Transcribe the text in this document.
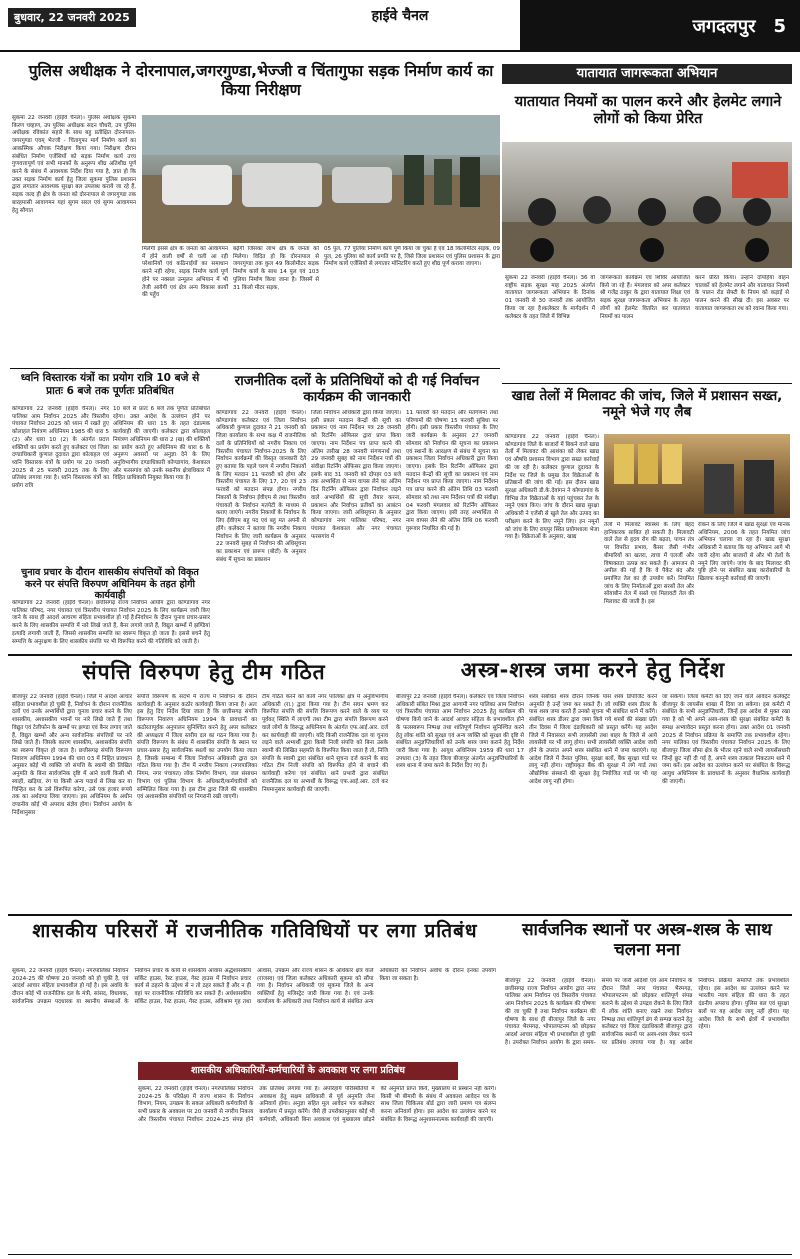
बुधवार, 22 जनवरी 2025	हाईवे चैनल	जगदलपुर 5
पुलिस अधीक्षक ने दोरनापाल,जगरगुण्डा,भेज्जी व चिंतागुफा सड़क निर्माण कार्य का किया निरीक्षण
सुकमा 22 जनवरी (हाईवे चैनल)। पुलिस अधीक्षक सुकमा किरण चव्हाण, उप पुलिस अधीक्षक सदन चौधरी, उप पुलिस अधीक्षक रविकांत सहारे के साथ बहु प्रतीक्षित दोरनापाल-जगरगुण्डा एवम् भेज्जी - चिंतागुफा मार्ग निर्माण कार्य का आकस्मिक औचक निरीक्षण किया गया। निरीक्षण दौरान संबंधित निर्माण एजेंसियों को सड़क निर्माण कार्य उच्च गुणवत्तापूर्ण एवं सभी मानकों के अनुरूप शीघ्र अतिशीघ्र पूर्ण करने के संबंध में आवश्यक निर्देश दिया गया है, ज्ञात हो कि उक्त सड़क निर्माण कार्य हेतु जिला सुकमा पुलिस प्रशासन द्वारा लगातार आवश्यक सुरक्षा बल उपलब्ध कराये जा रहे हैं, सड़क जल्द ही क्षेत्र के जनता को दोरनापाल से जगरगुण्डा तक बारहमासी आवागमन यहां सुगम सरल एवं सुगम आवागमन हेतु सौगात
मिलेगी इससे क्षेत्र के जनता को आवागमन में होने वाली वर्षों से चली आ रही परेशानियों एवं कठिनाईयों का समाधान करने नहीं रहेगा, सड़क निर्माण कार्य पूर्ण होने पर नक्सल उन्मूलन अभियान में भी तेजी आयेगी एवं क्षेत्र अन्य विकास कार्यों की पहुँच
बढ़ेगी जिसका लाभ क्षेत्र के जनता को मिलेगा। विदित हो कि दोरनापाल से जगरगुण्डा तक कुल 49 किलोमीटर सड़क निर्माण कार्य के साथ 14 पुल एवं 103 पुलिया निर्माण किया जाना है। जिसमें से 31 किलो मीटर सड़क,
05 पुल, 77 पुलिया निर्माण कार्य पूर्ण किया जा चुका है एवं 18 किलोमीटर सड़क, 09 पुल, 26 पुलिया को कार्य प्रगति पर है, जिसे जिला प्रशासन एवं पुलिस प्रशासन के द्वारा निर्माण कार्य एजेंसियों से लगातार मॉनिटरिंग करते हुए शीघ्र पूर्ण कराया जाएगा।
यातायात जागरूकता अभियान
यातायात नियमों का पालन करने और हेलमेट लगाने लोगों को किया प्रेरित
सुकमा 22 जनवरी (हाईवे चैनल)। 36 वाँ राष्ट्रीय सड़क सुरक्षा माह 2025 अंतर्गत यातायात जागरूकता अभियान के दिनांक 01 जनवरी से 30 जनवरी तक आयोजित किया जा रहा है।कलेक्टर के मार्गदर्शन में कलेक्टर के तहत जिले में विभिन्न
जागरूकता कार्यक्रम एवं शिविर आयोजित किये जा रहे हैं। मंगलवार को अपर कलेक्टर श्री गजेंद्र ठाकुर के द्वारा यातायात शिक्षा एवं सड़क सुरक्षा जागरूकता अभियान के तहत लोगों को हेलमेट वितरित कर यातायात नियमों का पालन
करने प्रेरित किया। उन्होंने दोपहिया वाहन चालकों को हेलमेट लगाने और यातायात नियमों के पालन रोड सेफ्टी के नियम को कड़ाई से पालन करने की सीख दी। इस अवसर पर यातायात जागरूकता रथ को रवाना किया गया।
ध्वनि विस्तारक यंत्रों का प्रयोग रात्रि 10 बजे से प्रातः 6 बजे तक पूर्णतः प्रतिबंधित
कोण्डागांव 22 जनवरी (हाईवे चैनल)। नगर पालिका आम निर्वाचन 2025 और त्रिस्तरीय पंचायत निर्वाचन 2025 को ध्यान में रखते हुए कोलाहल नियंत्रण अधिनियम 1985 की धारा 5 (2) और धारा 10 (2) के अंतर्गत प्रदत्त शक्तियों का प्रयोग करते हुए कलेक्टर एवं जिला दण्डाधिकारी कुणाल दुदावत द्वारा कोलाहल एवं ध्वनि विस्तारक यंत्रों के प्रयोग पर 20 जनवरी 2025 से 25 फरवरी 2025 तक के लिए प्रतिबंध लगाया गया है। ध्वनि विस्तारक यंत्रों का प्रयोग रात्रि
10 बजे से प्रातः 6 बजे तक पूर्णतः प्रतिबंधित रहेगा। उक्त आदेश के उल्लंघन होने पर अधिनियम की धारा 15 के तहत दंडात्मक कार्यवाही की जाएगी। कलेक्टर द्वारा कोलाहल नियंत्रण अधिनियम की धारा 2 (ख) की शक्तियों का प्रयोग करते हुए अधिनियम की धारा 6 के अनुरूप अवसरों पर अनुज्ञा देने के लिए अनुविभागीय दण्डाधिकारी कोण्डागांव, केशकाल और फरसगांव को उनके स्थानीय क्षेत्राधिकार में विहित प्राधिकारी नियुक्त किया गया है।
चुनाव प्रचार के दौरान शासकीय संपत्तियों को विकृत करने पर संपत्ति विरुपण अधिनियम के तहत होगी कार्यवाही
कोण्डागांव 22 जनवरी (हाईवे चैनल)। छत्तीसगढ़ राज्य निर्वाचन आयोग द्वारा कोण्डागांव नगर पालिका परिषद, नगर पंचायत एवं त्रिस्तरीय पंचायत निर्वाचन 2025 के लिए कार्यक्रम जारी किए जाने के साथ ही आदर्श आचरण संहिता प्रभावशील हो गई है।निर्वाचन के दौरान चुनाव प्रचार-प्रसार करने के लिए शासकीय सम्पत्ति में नारे लिखे जाते हैं, बैनर लगाये जाते हैं, विद्युत खम्भों में झण्डियां इत्यादि लगायी जाती हैं, जिससे शासकीय सम्पत्ति का स्वरूप विकृत हो जाता है। इससे बचने हेतु सम्पत्ति के अनुरक्षण के लिए शासकीय संपत्ति पर भी विरूपित करने की गतिविधि को जाती है।
राजनीतिक दलों के प्रतिनिधियों को दी गई निर्वाचन कार्यक्रम की जानकारी
कोण्डागांव 22 जनवरी (हाईवे चैनल)। कोण्डागांव कलेक्टर एवं जिला निर्वाचन अधिकारी कुणाल दुदावत ने 21 जनवरी को जिला कार्यालय के सभा कक्ष में राजनीतिक दलों के प्रतिनिधियों को नगरीय निकाय एवं त्रिस्तरीय पंचायत निर्वाचन-2025 के लिए निर्वाचन कार्यक्रमों की विस्तृत जानकारी देते हुए बताया कि पहले चरण में नगरीय निकायों के लिए मतदान 11 फरवरी को होगा और त्रिस्तरीय पंचायत के लिए 17, 20 एवं 23 फरवरी को मतदान संपन्न होगा। नगरीय निकायों के निर्वाचन ईवीएम से तथा त्रिस्तरीय पंचायतों के निर्वाचन मतपेटी के माध्यम से कराए जाएंगे। नगरीय निकायों के निर्वाचन के लिए ईवीएम बहु पद एवं बहु मत अपनी से होंगे। कलेक्टर ने बताया कि नगरीय निकाय निर्वाचन के लिए जारी कार्यक्रम के अनुसार 22 जनवरी सुबह से निर्वाचन की अधिसूचना का प्रकाशन एवं प्रारूप (बोटों) के अनुसार संबंध में सूचना का प्रकाशन
जिला निर्वाचन अधिकारी द्वारा किया जाएगा। इसी प्रकार मतदान केन्द्रों की सूची का प्रकाशन एवं नाम निर्देशन पत्र 28 जनवरी को रिटर्निंग ऑफिसर द्वारा प्राप्त किया जाएगा। नाम निर्देशन पत्र प्राप्त करने की अंतिम तारीख 28 जनवरी संगणनार्थ तथा 29 जनवरी सुबह को नाम निर्देशन पत्रों की संवीक्षा रिटर्निंग ऑफिसर द्वारा किया जाएगा। इसके बाद 31 जनवरी को दोपहर 03 बजे तक अभ्यर्थिता से नाम वापस लेने का अंतिम दिन रिटर्निंग ऑफिसर द्वारा निर्वाचन लड़ने वाले अभ्यर्थियों की सूची तैयार करना, प्रकाशन और निर्वाचन प्रतीकों का आबंटन किया जाएगा। जारी अधिसूचना के अनुसार कोण्डागांव नगर पालिका परिषद, नगर पंचायत केशकाल और नगर पंचायत फरसगांव में
11 फरवरी को मतदान और मतगणना तथा परिणामों की घोषणा 15 फरवरी सुबिधा पर होगी। इसी प्रकार त्रिस्तरीय पंचायत के लिए जारी कार्यक्रम के अनुसार 27 जनवरी सोमवार को निर्वाचन की सूचना का प्रकाशन एवं स्थानों के आरक्षण से संबंध में सूचना का प्रकाशन जिला निर्वाचन अधिकारी द्वारा किया जाएगा। इसके दिन रिटर्निंग ऑफिसर द्वारा मतदान केन्द्रों की सूची का प्रकाशन एवं नाम निर्देशन पत्र प्राप्त किया जाएगा। नाम निर्देशन पत्र प्राप्त करने की अंतिम तिथि 03 फरवरी सोमवार को तथा नाम निर्देशन पत्रों की संवीक्षा 04 फरवरी मंगलवार को रिटर्निंग ऑफिसर द्वारा किया जाएगा। इसी तरह अभ्यर्थिता से नाम वापस लेने की अंतिम तिथि 06 फरवरी गुरूवार निर्धारित की गई है।
खाद्य तेलों में मिलावट की जांच, जिले में प्रशासन सख्त, नमूने भेजे गए लैब
कोण्डागांव 22 जनवरी (हाईवे चैनल)। कोण्डागांव जिले के बाजारों में बिकने वाले खाद्य तेलों में मिलावट की आशंका को लेकर खाद्य एवं औषधि प्रशासन विभाग द्वारा सख्त कार्रवाई की जा रही है। कलेक्टर कुणाल दुदावत के निर्देश पर जिले के प्रमुख तेल विक्रेताओं के प्रतिष्ठानों की जांच की गई। इस दौरान खाद्य सुरक्षा अधिकारी डी.के.देवांगन ने कोण्डागांव के विभिन्न तेल विक्रेताओं के यहां पहुंचकर तेल के नमूने एकत्र किए। जांच के दौरान खाद्य सुरक्षा अधिकारी ने एजेंसी से खुले तेल और उत्पाद का परीक्षण करने के लिए नमूने लिए। इन नमूनों को जांच के लिए रायपुर स्थित प्रयोगशाला भेजा गया है। विक्रेताओं के अनुसार, खाद्य
तेलों में मिलावट स्वास्थ्य के लिए बेहद हानिकारक साबित हो सकती है। मिलावटी वाले तेल से हृदय रोग की बढ़ता, पाचन तंत्र पर विपरीत प्रभाव, कैंसर जैसी गंभीर बीमारियों का खतरा, त्वचा में एलर्जी और विषाक्तता उत्पन्न कर सकते हैं। आमजन से अपील की गई है कि वे पैकेट बंद और प्रमाणित तेल का ही उपयोग करें। नियमित जांच के लिए निर्माताओं द्वारा सरसों तेल और सोयाबीन तेल में सस्ते एवं मिलावटी तेल की मिलावट की जाती है। इस
रोकने के लिए जिले में खाद्य सुरक्षा एवं मानक अधिनियम, 2006 के तहत नियमित जांच अभियान चलाया जा रहा है। खाद्य सुरक्षा अधिकारी ने बताया कि यह अभियान आगे भी जारी रहेगा और बाजारों से और भी तेलों के नमूने लिए जाएंगे। जांच के बाद मिलावट की पुष्टि होने पर संबंधित खाद्य कारोबारियों के खिलाफ कानूनी कार्रवाई की जाएगी।
संपत्ति विरुपण हेतु टीम गठित
बीजापुर 22 जनवरी (हाईवे चैनल)। जिले में आदर्श आचार संहिता प्रभावशील हो चुकी है, निर्वाचन के दौरान राजनैतिक दलों एवं उनके अभ्यर्थियों द्वारा चुनाव प्रचार करने के लिए शासकीय, अशासकीय भवनों पर नारे लिखे जाते हैं तथा विद्युत एवं टेलीफोन के खम्भों पर झण्डा एवं बैनर लगाए जाते हैं, विद्युत खम्भों और अन्य सार्वजनिक संपत्तियों पर नारे लिखे जाते हैं। जिसके कारण शासकीय, अशासकीय संपत्ति का स्वरूप विकृत हो जाता है। छत्तीसगढ़ संपत्ति विरूपण निवारण अधिनियम 1994 की धारा 03 में निहित प्रावधान अनुसार कोई भी व्यक्ति जो संपत्ति के स्वामी की लिखित अनुमति के बिना सार्वजनिक दृष्टि में आने वाली किसी भी स्याही, खड़िया, रंग या किसी अन्य पदार्थ से लिख कर या चिन्हित कर के उसे विरूपित करेगा, उसे एक हजार रूपये तक का अर्थदण्ड लिया जाएगा। इस अधिनियम के अधीन दण्डनीय कोई भी अपराध संज्ञेय होगा। निर्वाचन आयोग के निर्देशानुसार
संपत्ति विरूपण के संदर्भ में राज्य में निर्वाचन के दौरान कार्यवाही के अनुसार कठोर कार्यवाही किया जाना है। अतः इस हेतु दिए निर्देश दिया जाता है कि छत्तीसगढ़ संपत्ति विरूपण निवारण अधिनियम 1994 के प्रावधानों का कठोरतापूर्वक अनुपालन सुनिश्चित करने हेतु अपर कलेक्टर की अध्यक्षता में जिला स्तरीय दल का गठन किया गया है। संपत्ति विरूपण के संबंध में शासकीय संपत्ति के स्थान पर प्रचार-प्रसार हेतु सार्वजनिक स्थलों का उपयोग किया जाता है, जिसके सम्बन्ध में जिला निर्वाचन अधिकारी द्वारा दल गठित किया गया है। टीम में नगरीय निकाय (नगरपालिका निगम, नगर पंचायत) लोक निर्माण विभाग, जल संसाधन विभाग एवं पुलिस विभाग के अधिकारी/कर्मचारियों को सम्मिलित किया गया है। इस टीम द्वारा जिले की शासकीय एवं अशासकीय संपत्तियों पर निगरानी रखी जाएगी।
टीम गठित करने को कार्य नगर पालिका क्षेत्र में अनुविभागीय अधिकारी (रा.) द्वारा किया गया है। टीम सघन भ्रमण कर विरूपित संपत्ति की संपत्ति विरूपण करने वाले के व्यय पर पूर्ववत् स्थिति में लाएगी तथा टीम द्वारा संपत्ति विरूपण करने वाले लोगों के विरूद्ध अधिनियम के अंतर्गत एफ.आई.आर. दर्ज कर कार्यवाही की जाएगी। यदि किसी राजनैतिक दल या चुनाव लड़ने वाले अभ्यर्थी द्वारा किसी निजी संपत्ति को बिना उसके स्वामी की लिखित सहमति के विरूपित किया जाता है तो, निजि संपत्ति के स्वामी द्वारा संबंधित थाने सूचना दर्ज कराने के बाद गठित टीम निजी संपत्ति को विरूपित होने से बचाने की कार्यवाही करेगा एवं संबंधित थाने प्रभारी द्वारा संबंधित राजनैतिक दल या अभ्यर्थी के विरूद्ध एफ.आई.आर. दर्ज कर नियमानुसार कार्यवाही की जाएगी।
अस्त्र-शस्त्र जमा करने हेतु निर्देश
बीजापुर 22 जनवरी (हाईवे चैनल)। कलेक्टर एवं जिला निर्वाचन अधिकारी संबित मिश्रा द्वारा आगामी नगर पालिका आम निर्वाचन एवं त्रिस्तरीय पंचायत आम निर्वाचन 2025 हेतु कार्यक्रम की घोषणा किये जाने के आदर्श आचार संहिता के प्रभावशील होने के फलस्वरूप निष्पक्ष तथा शांतिपूर्ण निर्वाचन सुनिश्चित करने हेतु लोक शांति को सुरक्षा एवं अन्य व्यक्ति को सुरक्षा की दृष्टि से संबंधित अनुज्ञप्तिधारियों को उनके शस्त्र जमा कराने हेतु निर्देश जारी किया गया है। आयुध अधिनियम 1959 की धारा 17 उपधारा (3) के तहत जिला बीजापुर अंतर्गत अनुज्ञप्तिधारियों के शस्त्र थाना में जमा करने के निर्देश दिए गए हैं।
शस्त्र संबंधित शस्त्र दौरान जिनके पास शस्त्र डिपॉजिट करने अनुमति है उन्हें जमा कर सकते हैं। जो व्यक्ति शस्त्र डीलर के पास शस्त्र जमा करते हैं उनको सूचना भी संबंधित थाने में करेंगे। संबंधित शस्त्र डीलर द्वारा जमा किये गये शस्त्रों की संख्या प्रति तीन दिवस में जिला दंडाधिकारी को प्रस्तुत करेंगे। यह आदेश जिले में निवासरत सभी लायसेंसी तथा बाहर के जिले से आये लायसेंसी पर भी लागू होगा। सभी लायसेंसी व्यक्ति आदेश जारी होने के उपरांत अपने शस्त्र संबंधित थाने में जमा कराएंगे। यह आदेश जिले में तैनात पुलिस, सुरक्षा बलों, बैंक सुरक्षा गार्ड पर लागू नहीं होगा। राष्ट्रीयकृत बैंक की सुरक्षा में लगे गार्ड तथा औद्योगिक संस्थानों की सुरक्षा हेतु नियोजित गार्ड पर भी यह आदेश लागू नहीं होगा।
जा सकेगा। जिला कमेटी को दिए जाने वाले आवेदन कलेक्ट्रेट बीजापुर के लायसेंस शाखा में दिया जा सकेगा। इस कमेटी में संबंधित के सभी अनुज्ञप्तिधारी, जिन्हें इस आदेश से मुक्त रखा गया है को भी अपने अस्त्र-शस्त्र की सुरक्षा संबंधित कमेटी के समक्ष अभ्यावेदन प्रस्तुत करना होगा। उक्त आदेश 01 जनवरी 2025 से निर्वाचन प्रक्रिया के समाप्ति तक प्रभावशील रहेगा। नगर पालिका एवं त्रिस्तरीय पंचायत निर्वाचन 2025 के लिए बीजापुर जिला सीमा क्षेत्र के भीतर रहने वाले सभी लायसेंसधारी जिन्हें छूट नहीं दी गई है, अपने शस्त्र तत्काल निकटतम थाने में जमा करें। इस आदेश का उल्लंघन करने पर संबंधित के विरूद्ध आयुध अधिनियम के प्रावधानों के अनुसार वैधानिक कार्यवाही की जाएगी।
शासकीय परिसरों में राजनीतिक गतिविधियों पर लगा प्रतिबंध
सुकमा, 22 जनवरी (हाईवे चैनल)। नगरपालिका निर्वाचन 2024-25 की घोषणा 20 जनवरी को हो चुकी है, एवं आदर्श आचार संहिता प्रभावशील हो गई है। इस अवधि के दौरान कोई भी राजनीतिक दल के मंत्री, सांसद, विधायक, सार्वजनिक उपक्रम पदधारक या स्थानीय संस्थाओं के निर्वाचन प्रचार के कार्य से शासकीय आवास अर्द्धशासकीय सर्किट हाउस, रेस्ट हाउस, गेस्ट हाउस में निर्वाचन प्रचार कार्य से ठहरने के उद्देश्य से न तो ठहर सकते हैं और न ही वहां पर राजनीतिक गतिविधि कर सकते हैं। अर्धशासकीय सर्किट हाउस, रेस्ट हाउस, गेस्ट हाउस, अविश्राम गृह तथा आवास, उपक्रम और राज्य शासन के अधिकार क्षेत्र वाले (राजस्व) एवं जिला कलेक्टर अधिकारी सुकमा को सौंपा गया है। निर्वाचन अधिकारी एवं सुकमा जिले के अन्य व्यक्तियों हेतु मजिस्ट्रेट जारी किया गया है। एवं उनके कार्यालय के अधिकारी तथा निर्वाचन कार्य से संबंधित अन्य अधिकारी को निर्वाचन अवधि के दौरान इनका उपयोग किया जा सकता है।
शासकीय अधिकारियों-कर्मचारियों के अवकाश पर लगा प्रतिबंध
सुकमा, 22 जनवरी (हाईवे चैनल)। नगरपालिका निर्वाचन 2024-25 के परिप्रेक्ष्य में राज्य शासन के निर्वाचन विभाग, नियम, उपक्रम के सकल अधिकारी कर्मचारियों के सभी प्रकार के अवकाश पर 20 जनवरी से नगरीय निकाय और त्रिस्तरीय पंचायत निर्वाचन 2024-25 संपन्न होने तक प्रतिबंध लगाया गया है। अपरिहार्य परिस्थितियों में अवकाश हेतु सक्षम प्राधिकारी से पूर्व अनुमति लेना अनिवार्य होगा। अनुज्ञा सहित मूल आवेदन पत्र कलेक्टर कार्यालय में प्रस्तुत करेंगे। जैसे ही उपरोक्तानुसार कोई भी कर्मचारी, अधिकारी बिना अवकाश एवं मुख्यालय छोड़ने की अनुमति प्राप्त किये, मुख्यालय से प्रस्थान नहीं करेंगे। किसी भी बीमारी के संबंध में अवकाश आवेदन पत्र के साथ जिला चिकित्सा बोर्ड द्वारा जारी प्रमाण पत्र संलग्न करना अनिवार्य होगा। इस आदेश का उल्लंघन करने पर संबंधित के विरूद्ध अनुशासनात्मक कार्यवाही की जाएगी।
सार्वजनिक स्थानों पर अस्त्र-शस्त्र के साथ चलना मना
बीजापुर 22 जनवरी (हाईवे चैनल)। छत्तीसगढ़ राज्य निर्वाचन आयोग द्वारा नगर पालिका आम निर्वाचन एवं त्रिस्तरीय पंचायत आम निर्वाचन 2025 के कार्यक्रम की घोषणा की जा चुकी है तथा निर्वाचन कार्यक्रम की घोषणा के साथ ही बीजापुर जिले के नगर पंचायत भैरमगढ़, भोपालपटनम को छोड़कर आदर्श आचार संहिता भी प्रभावशील हो चुकी है। उपरोक्त निर्वाचन आयोग के द्वारा समय-समय पर जारी आदेशों एवं आम निर्वाचन के दौरान जिले नगर पंचायत भैरमगढ़, भोपालपटनम को छोड़कर शांतिपूर्ण संपन्न कराने के उद्देश्य से उपद्रव रोकने के लिए जिले में लोक शांति बनाए रखने तथा निर्वाचन निष्पक्ष तथा शांतिपूर्ण ढंग से सम्पन्न कराने हेतु कलेक्टर एवं जिला दंडाधिकारी बीजापुर द्वारा सार्वजनिक स्थानों पर अस्त्र-शस्त्र लेकर चलने पर प्रतिबंध लगाया गया है। यह आदेश निर्वाचन प्रक्रिया समाप्ति तक प्रभावशील रहेगा। इस आदेश का उल्लंघन करने पर भारतीय न्याय संहिता की धारा के तहत दंडनीय अपराध होगा। पुलिस बल एवं सुरक्षा बलों पर यह आदेश लागू नहीं होगा। यह आदेश जिले के सभी क्षेत्रों में प्रभावशील रहेगा।
